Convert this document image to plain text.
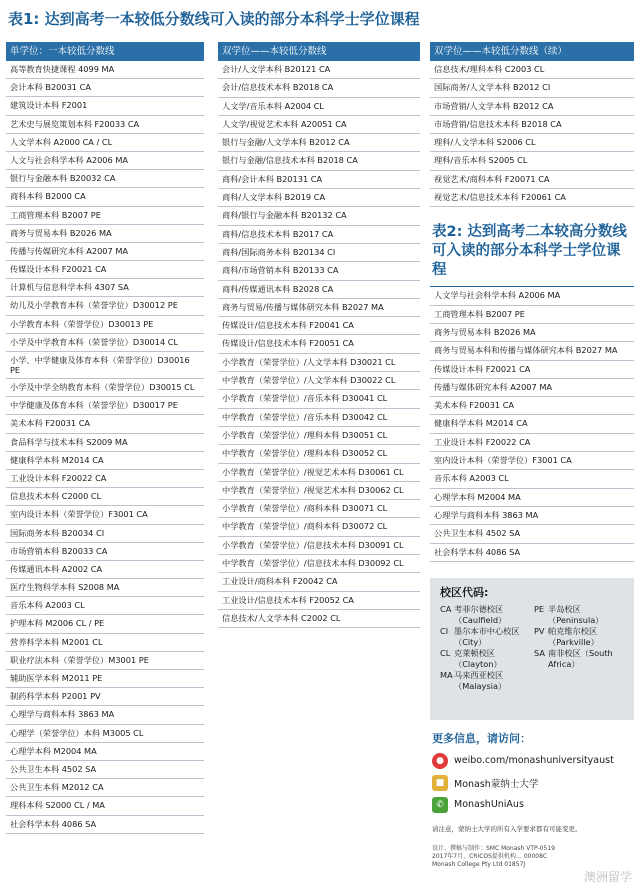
表1: 达到高考一本较低分数线可入读的部分本科学士学位课程
单学位：一本较低分数线
高等教育快捷课程 4099 MA
会计本科 B20031 CA
建筑设计本科 F2001
艺术史与展览策划本科 F20033 CA
人文学本科 A2000 CA / CL
人文与社会科学本科 A2006 MA
银行与金融本科 B20032 CA
商科本科 B2000 CA
工商管理本科 B2007 PE
商务与贸易本科 B2026 MA
传播与传媒研究本科 A2007 MA
传媒设计本科 F20021 CA
计算机与信息科学本科 4307 SA
幼儿及小学教育本科（荣誉学位）D30012 PE
小学教育本科（荣誉学位）D30013 PE
小学及中学教育本科（荣誉学位）D30014 CL
小学、中学健康及体育本科（荣誉学位）D30016 PE
小学及中学全纳教育本科（荣誉学位）D30015 CL
中学健康及体育本科（荣誉学位）D30017 PE
美术本科 F20031 CA
食品科学与技术本科 S2009 MA
健康科学本科 M2014 CA
工业设计本科 F20022 CA
信息技术本科 C2000 CL
室内设计本科（荣誉学位）F3001 CA
国际商务本科 B20034 CI
市场营销本科 B20033 CA
传媒通讯本科 A2002 CA
医疗生物科学本科 S2008 MA
音乐本科 A2003 CL
护理本科 M2006 CL / PE
营养科学本科 M2001 CL
职业疗法本科（荣誉学位）M3001 PE
辅助医学本科 M2011 PE
制药科学本科 P2001 PV
心理学与商科本科 3863 MA
心理学（荣誉学位）本科 M3005 CL
心理学本科 M2004 MA
公共卫生本科 4502 SA
公共卫生本科 M2012 CA
理科本科 S2000 CL / MA
社会科学本科 4086 SA
双学位——本较低分数线
会计/人文学本科 B20121 CA
会计/信息技术本科 B2018 CA
人文学/音乐本科 A2004 CL
人文学/视觉艺术本科 A20051 CA
银行与金融/人文学本科 B2012 CA
银行与金融/信息技术本科 B2018 CA
商科/会计本科 B20131 CA
商科/人文学本科 B2019 CA
商科/银行与金融本科 B20132 CA
商科/信息技术本科 B2017 CA
商科/国际商务本科 B20134 CI
商科/市场营销本科 B20133 CA
商科/传媒通讯本科 B2028 CA
商务与贸易/传播与媒体研究本科 B2027 MA
传媒设计/信息技术本科 F20041 CA
传媒设计/信息技术本科 F20051 CA
小学教育（荣誉学位）/人文学本科 D30021 CL
中学教育（荣誉学位）/人文学本科 D30022 CL
小学教育（荣誉学位）/音乐本科 D30041 CL
中学教育（荣誉学位）/音乐本科 D30042 CL
小学教育（荣誉学位）/理科本科 D30051 CL
中学教育（荣誉学位）/理科本科 D30052 CL
小学教育（荣誉学位）/视觉艺术本科 D30061 CL
中学教育（荣誉学位）/视觉艺术本科 D30062 CL
小学教育（荣誉学位）/商科本科 D30071 CL
中学教育（荣誉学位）/商科本科 D30072 CL
小学教育（荣誉学位）/信息技术本科 D30091 CL
中学教育（荣誉学位）/信息技术本科 D30092 CL
工业设计/商科本科 F20042 CA
工业设计/信息技术本科 F20052 CA
信息技术/人文学本科 C2002 CL
双学位——本较低分数线（续）
信息技术/理科本科 C2003 CL
国际商务/人文学本科 B2012 CI
市场营销/人文学本科 B2012 CA
市场营销/信息技术本科 B2018 CA
理科/人文学本科 S2006 CL
理科/音乐本科 S2005 CL
视觉艺术/商科本科 F20071 CA
视觉艺术/信息技术本科 F20061 CA
表2: 达到高考二本较高分数线可入读的部分本科学士学位课程
人文学与社会科学本科 A2006 MA
工商管理本科 B2007 PE
商务与贸易本科 B2026 MA
商务与贸易本科和传播与媒体研究本科 B2027 MA
传媒设计本科 F20021 CA
传播与媒体研究本科 A2007 MA
美术本科 F20031 CA
健康科学本科 M2014 CA
工业设计本科 F20022 CA
室内设计本科（荣誉学位）F3001 CA
音乐本科 A2003 CL
心理学本科 M2004 MA
心理学与商科本科 3863 MA
公共卫生本科 4502 SA
社会科学本科 4086 SA
校区代码:
CA 考菲尔德校区（Caulfield）
PE 半岛校区（Peninsula）
CI 墨尔本市中心校区（City）
PV 帕克维尔校区（Parkville）
CL 克莱顿校区（Clayton）
SA 南非校区（South Africa）
MA 马来西亚校区（Malaysia）
更多信息，请访问：
●	weibo.com/monashuniversityaust
■	Monash蒙纳士大学
✆	MonashUniAus
请注意，蒙纳士大学的所有入学要求都有可能变更。
设计、撰稿与制作：SMC Monash VTP-0519
2017年7月，CRICOS提供机构… 00008C
Monash College Pty Ltd 01857J
澳洲留学
